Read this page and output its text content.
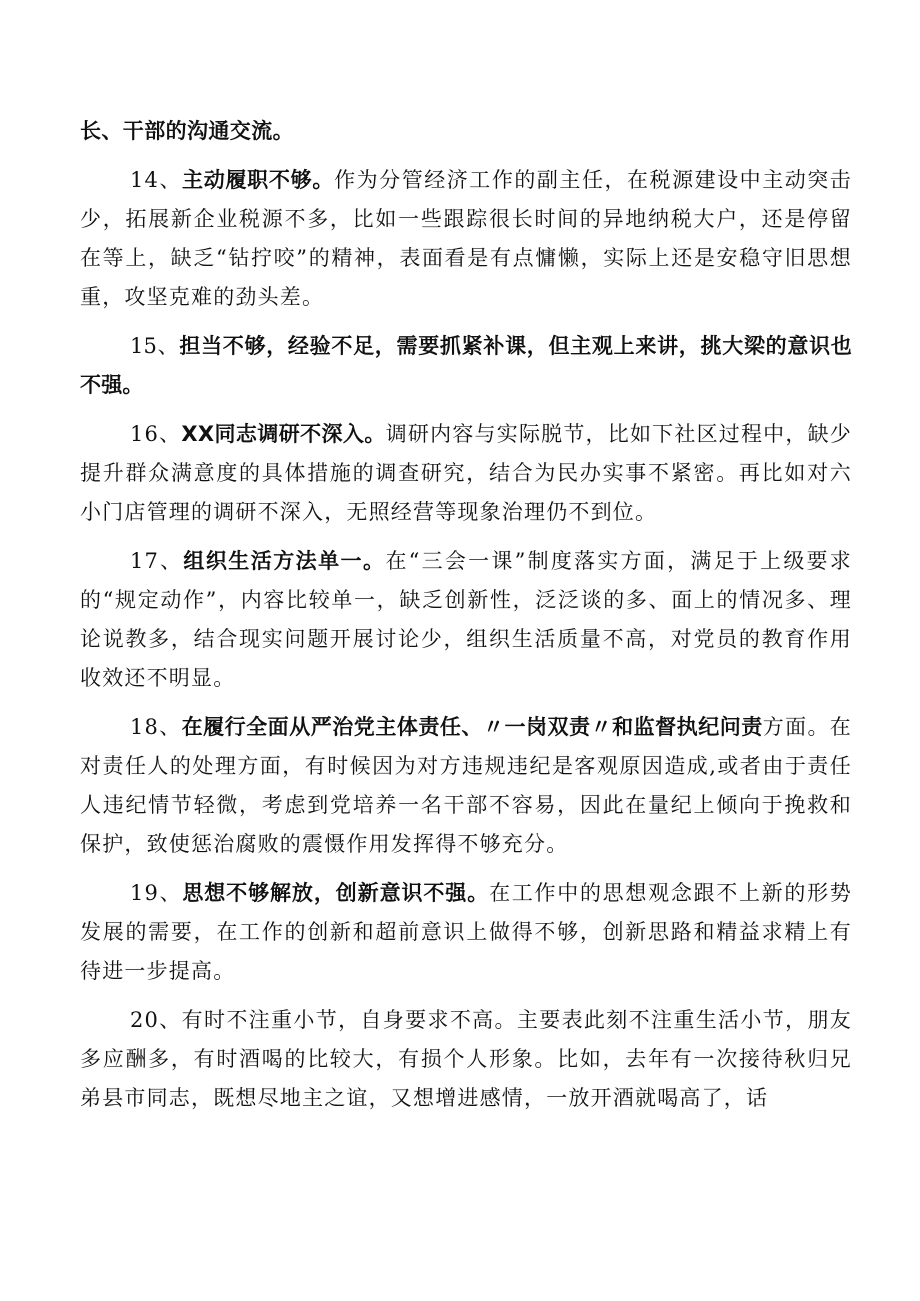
长、干部的沟通交流。

14、主动履职不够。作为分管经济工作的副主任，在税源建设中主动突击少，拓展新企业税源不多，比如一些跟踪很长时间的异地纳税大户，还是停留在等上，缺乏“钻拧咬”的精神，表面看是有点慵懒，实际上还是安稳守旧思想重，攻坚克难的劲头差。

15、担当不够，经验不足，需要抓紧补课，但主观上来讲，挑大梁的意识也不强。

16、XX同志调研不深入。调研内容与实际脱节，比如下社区过程中，缺少提升群众满意度的具体措施的调查研究，结合为民办实事不紧密。再比如对六小门店管理的调研不深入，无照经营等现象治理仍不到位。

17、组织生活方法单一。在“三会一课”制度落实方面，满足于上级要求的“规定动作”，内容比较单一，缺乏创新性，泛泛谈的多、面上的情况多、理论说教多，结合现实问题开展讨论少，组织生活质量不高，对党员的教育作用收效还不明显。

18、在履行全面从严治党主体责任、〃一岗双责〃和监督执纪问责方面。在对责任人的处理方面，有时候因为对方违规违纪是客观原因造成,或者由于责任人违纪情节轻微，考虑到党培养一名干部不容易，因此在量纪上倾向于挽救和保护，致使惩治腐败的震慑作用发挥得不够充分。

19、思想不够解放，创新意识不强。在工作中的思想观念跟不上新的形势发展的需要，在工作的创新和超前意识上做得不够，创新思路和精益求精上有待进一步提高。

20、有时不注重小节，自身要求不高。主要表此刻不注重生活小节，朋友多应酬多，有时酒喝的比较大，有损个人形象。比如，去年有一次接待秋归兄弟县市同志，既想尽地主之谊，又想增进感情，一放开酒就喝高了，话
